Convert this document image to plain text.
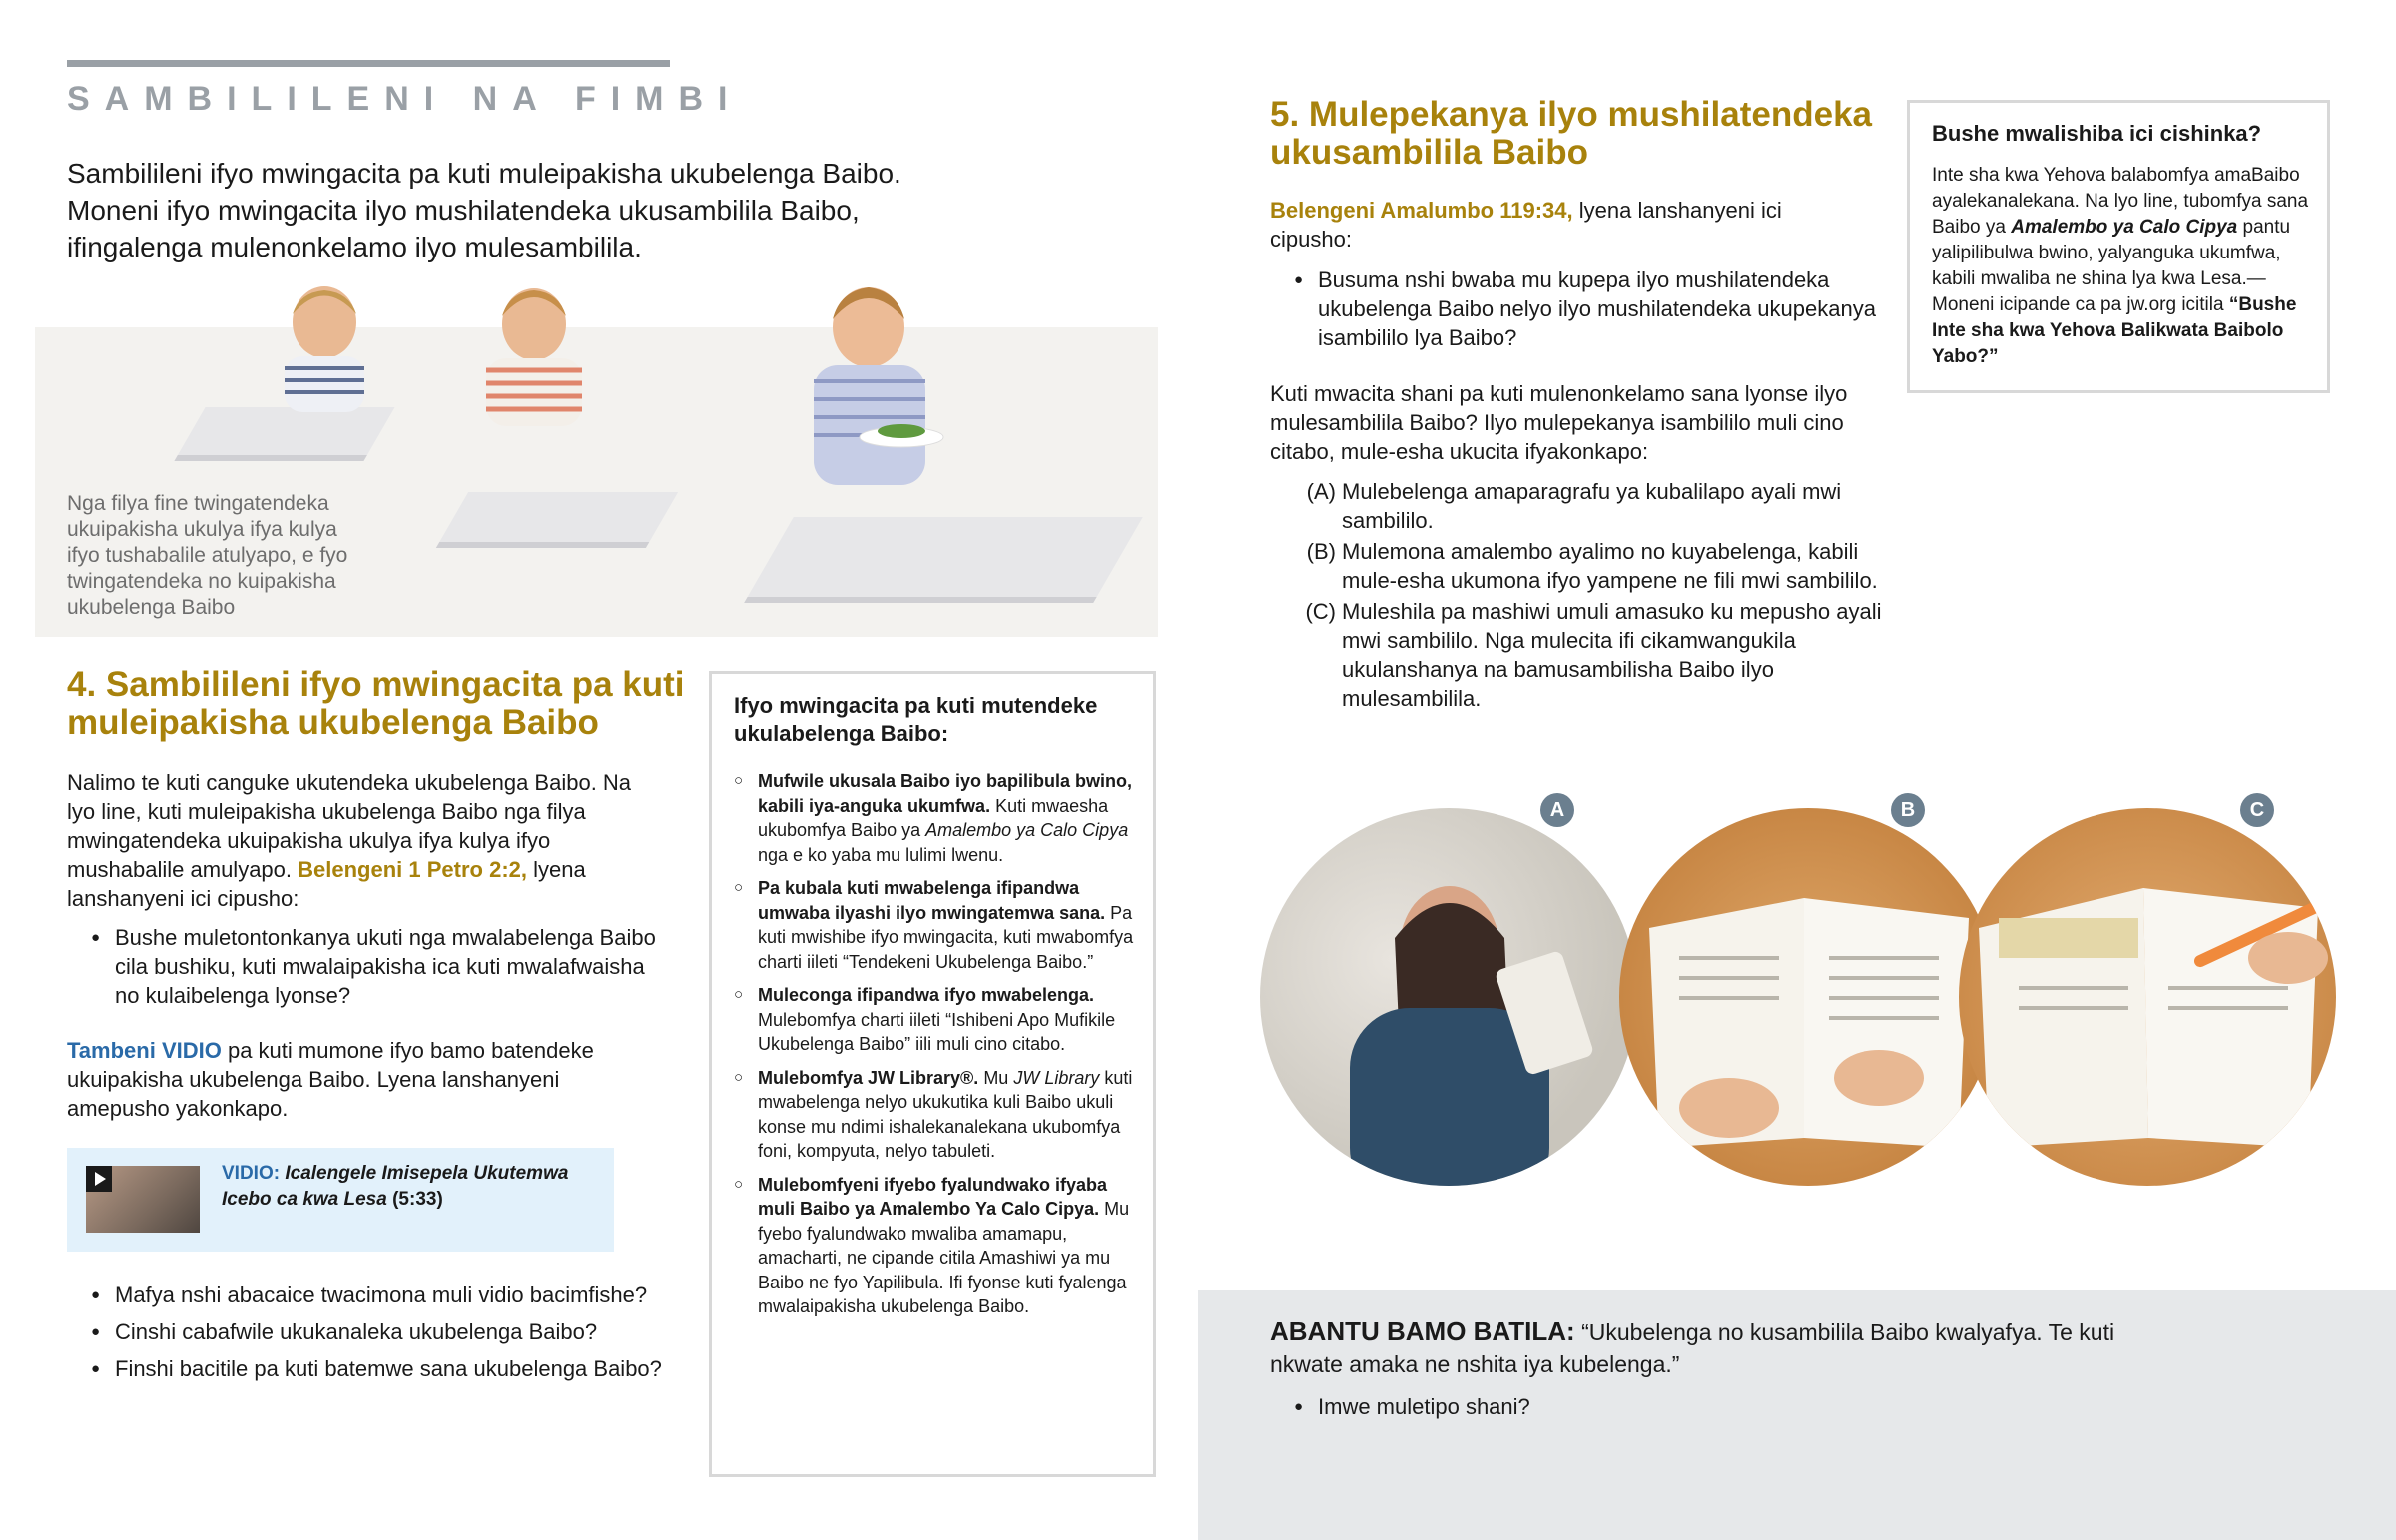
SAMBILILENI NA FIMBI
Sambilileni ifyo mwingacita pa kuti muleipakisha ukubelenga Baibo. Moneni ifyo mwingacita ilyo mushilatendeka ukusambilila Baibo, ifingalenga mulenonkelamo ilyo mulesambilila.
Nga filya fine twingatendeka ukuipakisha ukulya ifya kulya ifyo tushabalile atulyapo, e fyo twingatendeka no kuipakisha ukubelenga Baibo
4. Sambilileni ifyo mwingacita pa kuti muleipakisha ukubelenga Baibo
Nalimo te kuti canguke ukutendeka ukubelenga Baibo. Na lyo line, kuti muleipakisha ukubelenga Baibo nga filya mwingatendeka ukuipakisha ukulya ifya kulya ifyo mushabalile amulyapo. Belengeni 1 Petro 2:2, lyena lanshanyeni ici cipusho:
● Bushe muletontonkanya ukuti nga mwalabelenga Baibo cila bushiku, kuti mwalaipakisha ica kuti mwalafwaisha no kulaibelenga lyonse?
Tambeni VIDIO pa kuti mumone ifyo bamo batendeke ukuipakisha ukubelenga Baibo. Lyena lanshanyeni amepusho yakonkapo.
VIDIO: Icalengele Imisepela Ukutemwa Icebo ca kwa Lesa (5:33)
● Mafya nshi abacaice twacimona muli vidio bacimfishe?
● Cinshi cabafwile ukukanaleka ukubelenga Baibo?
● Finshi bacitile pa kuti batemwe sana ukubelenga Baibo?
Ifyo mwingacita pa kuti mutendeke ukulabelenga Baibo:
○ Mufwile ukusala Baibo iyo bapilibula bwino, kabili iya-anguka ukumfwa. Kuti mwaesha ukubomfya Baibo ya Amalembo ya Calo Cipya nga e ko yaba mu lulimi lwenu.
○ Pa kubala kuti mwabelenga ifipandwa umwaba ilyashi ilyo mwingatemwa sana. Pa kuti mwishibe ifyo mwingacita, kuti mwabomfya charti iileti “Tendekeni Ukubelenga Baibo.”
○ Muleconga ifipandwa ifyo mwabelenga. Mulebomfya charti iileti “Ishibeni Apo Mufikile Ukubelenga Baibo” iili muli cino citabo.
○ Mulebomfya JW Library®. Mu JW Library kuti mwabelenga nelyo ukukutika kuli Baibo ukuli konse mu ndimi ishalekanalekana ukubomfya foni, kompyuta, nelyo tabuleti.
○ Mulebomfyeni ifyebo fyalundwako ifyaba muli Baibo ya Amalembo Ya Calo Cipya. Mu fyebo fyalundwako mwaliba amamapu, amacharti, ne cipande citila Amashiwi ya mu Baibo ne fyo Yapilibula. Ifi fyonse kuti fyalenga mwalaipakisha ukubelenga Baibo.
5. Mulepekanya ilyo mushilatendeka ukusambilila Baibo
Belengeni Amalumbo 119:34, lyena lanshanyeni ici cipusho:
● Busuma nshi bwaba mu kupepa ilyo mushilatendeka ukubelenga Baibo nelyo ilyo mushilatendeka ukupekanya isambililo lya Baibo?
Kuti mwacita shani pa kuti mulenonkelamo sana lyonse ilyo mulesambilila Baibo? Ilyo mulepekanya isambililo muli cino citabo, mule-esha ukucita ifyakonkapo:
(A) Mulebelenga amaparagrafu ya kubalilapo ayali mwi sambililo.
(B) Mulemona amalembo ayalimo no kuyabelenga, kabili mule-esha ukumona ifyo yampene ne fili mwi sambililo.
(C) Muleshila pa mashiwi umuli amasuko ku mepusho ayali mwi sambililo. Nga mulecita ifi cikamwangukila ukulanshanya na bamusambilisha Baibo ilyo mulesambilila.
Bushe mwalishiba ici cishinka?
Inte sha kwa Yehova balabomfya amaBaibo ayalekanalekana. Na lyo line, tubomfya sana Baibo ya Amalembo ya Calo Cipya pantu yalipilibulwa bwino, yalyanguka ukumfwa, kabili mwaliba ne shina lya kwa Lesa.—Moneni icipande ca pa jw.org icitila “Bushe Inte sha kwa Yehova Balikwata Baibolo Yabo?”
A	B	C
ABANTU BAMO BATILA: “Ukubelenga no kusambilila Baibo kwalyafya. Te kuti nkwate amaka ne nshita iya kubelenga.”
● Imwe muletipo shani?
